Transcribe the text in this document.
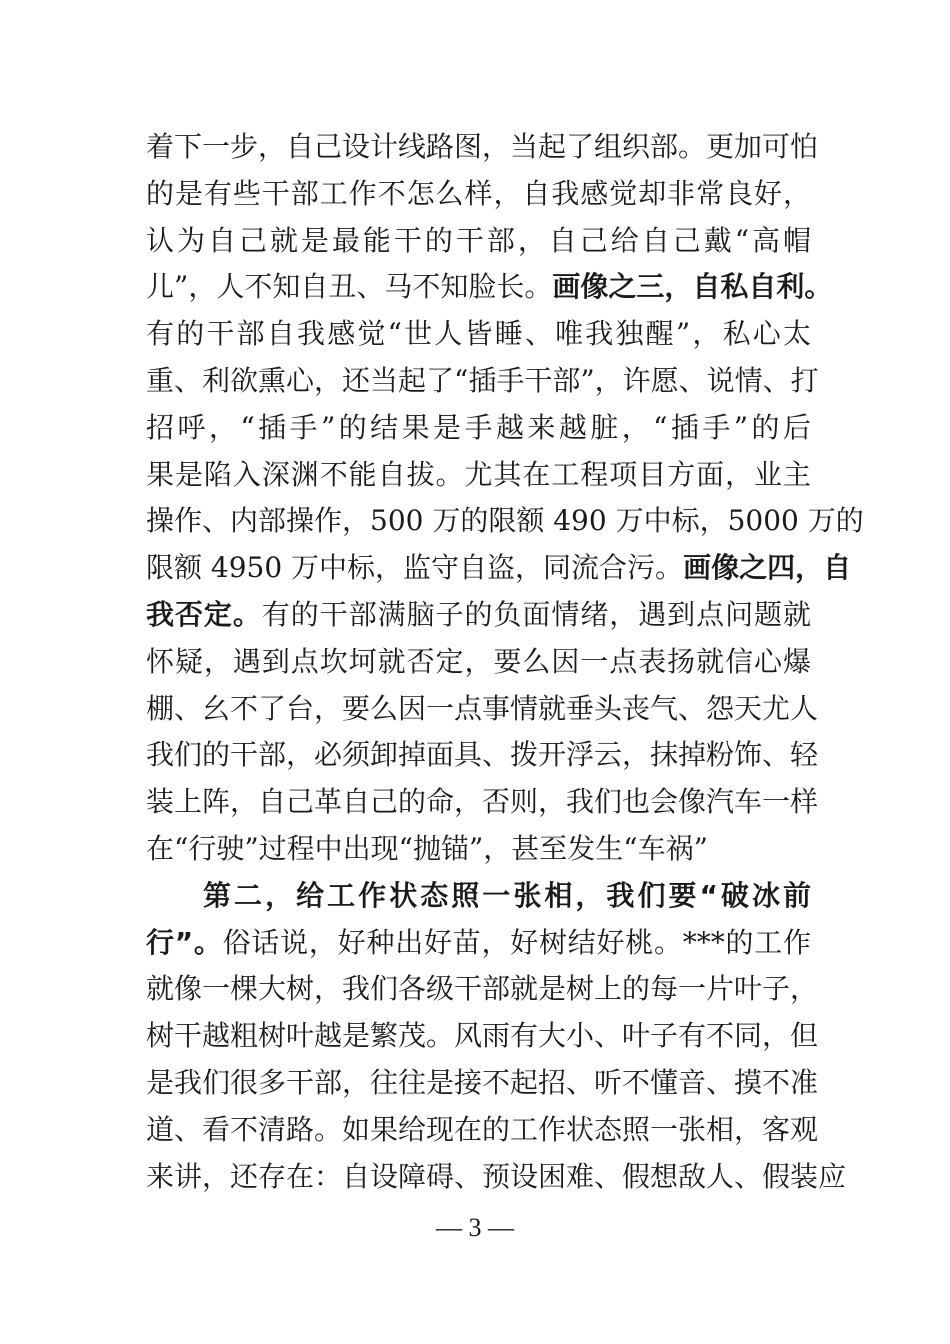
着下一步，自己设计线路图，当起了组织部。更加可怕
的是有些干部工作不怎么样，自我感觉却非常良好，
认为自己就是最能干的干部，自己给自己戴“高帽
儿”，人不知自丑、马不知脸长。画像之三，自私自利。
有的干部自我感觉“世人皆睡、唯我独醒”，私心太
重、利欲熏心，还当起了“插手干部”，许愿、说情、打
招呼，“插手”的结果是手越来越脏，“插手”的后
果是陷入深渊不能自拔。尤其在工程项目方面，业主
操作、内部操作，500 万的限额 490 万中标，5000 万的
限额 4950 万中标，监守自盗，同流合污。画像之四，自
我否定。有的干部满脑子的负面情绪，遇到点问题就
怀疑，遇到点坎坷就否定，要么因一点表扬就信心爆
棚、幺不了台，要么因一点事情就垂头丧气、怨天尤人
我们的干部，必须卸掉面具、拨开浮云，抹掉粉饰、轻
装上阵，自己革自己的命，否则，我们也会像汽车一样
在“行驶”过程中出现“抛锚”，甚至发生“车祸”
第二，给工作状态照一张相，我们要“破冰前
行”。俗话说，好种出好苗，好树结好桃。***的工作
就像一棵大树，我们各级干部就是树上的每一片叶子，
树干越粗树叶越是繁茂。风雨有大小、叶子有不同，但
是我们很多干部，往往是接不起招、听不懂音、摸不准
道、看不清路。如果给现在的工作状态照一张相，客观
来讲，还存在：自设障碍、预设困难、假想敌人、假装应
— 3 —
